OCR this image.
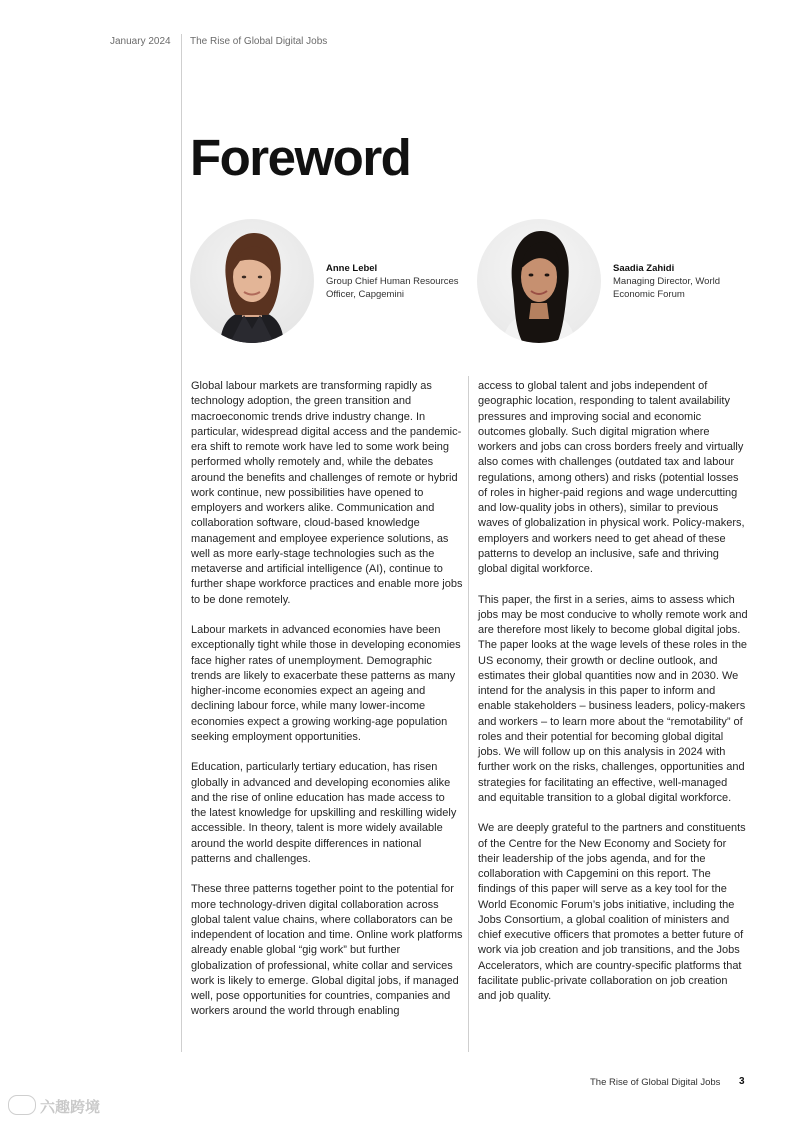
January 2024 The Rise of Global Digital Jobs
Foreword
Anne Lebel
Group Chief Human Resources Officer, Capgemini
Saadia Zahidi
Managing Director, World Economic Forum

Global labour markets are transforming rapidly as technology adoption, the green transition and macroeconomic trends drive industry change. In particular, widespread digital access and the pandemic-era shift to remote work have led to some work being performed wholly remotely and, while the debates around the benefits and challenges of remote or hybrid work continue, new possibilities have opened to employers and workers alike. Communication and collaboration software, cloud-based knowledge management and employee experience solutions, as well as more early-stage technologies such as the metaverse and artificial intelligence (AI), continue to further shape workforce practices and enable more jobs to be done remotely.

Labour markets in advanced economies have been exceptionally tight while those in developing economies face higher rates of unemployment. Demographic trends are likely to exacerbate these patterns as many higher-income economies expect an ageing and declining labour force, while many lower-income economies expect a growing working-age population seeking employment opportunities.

Education, particularly tertiary education, has risen globally in advanced and developing economies alike and the rise of online education has made access to the latest knowledge for upskilling and reskilling widely accessible. In theory, talent is more widely available around the world despite differences in national patterns and challenges.

These three patterns together point to the potential for more technology-driven digital collaboration across global talent value chains, where collaborators can be independent of location and time. Online work platforms already enable global “gig work” but further globalization of professional, white collar and services work is likely to emerge. Global digital jobs, if managed well, pose opportunities for countries, companies and workers around the world through enabling

access to global talent and jobs independent of geographic location, responding to talent availability pressures and improving social and economic outcomes globally. Such digital migration where workers and jobs can cross borders freely and virtually also comes with challenges (outdated tax and labour regulations, among others) and risks (potential losses of roles in higher-paid regions and wage undercutting and low-quality jobs in others), similar to previous waves of globalization in physical work. Policy-makers, employers and workers need to get ahead of these patterns to develop an inclusive, safe and thriving global digital workforce.

This paper, the first in a series, aims to assess which jobs may be most conducive to wholly remote work and are therefore most likely to become global digital jobs. The paper looks at the wage levels of these roles in the US economy, their growth or decline outlook, and estimates their global quantities now and in 2030. We intend for the analysis in this paper to inform and enable stakeholders – business leaders, policy-makers and workers – to learn more about the “remotability” of roles and their potential for becoming global digital jobs. We will follow up on this analysis in 2024 with further work on the risks, challenges, opportunities and strategies for facilitating an effective, well-managed and equitable transition to a global digital workforce.

We are deeply grateful to the partners and constituents of the Centre for the New Economy and Society for their leadership of the jobs agenda, and for the collaboration with Capgemini on this report. The findings of this paper will serve as a key tool for the World Economic Forum’s jobs initiative, including the Jobs Consortium, a global coalition of ministers and chief executive officers that promotes a better future of work via job creation and job transitions, and the Jobs Accelerators, which are country-specific platforms that facilitate public-private collaboration on job creation and job quality.

The Rise of Global Digital Jobs 3
六趣跨境
